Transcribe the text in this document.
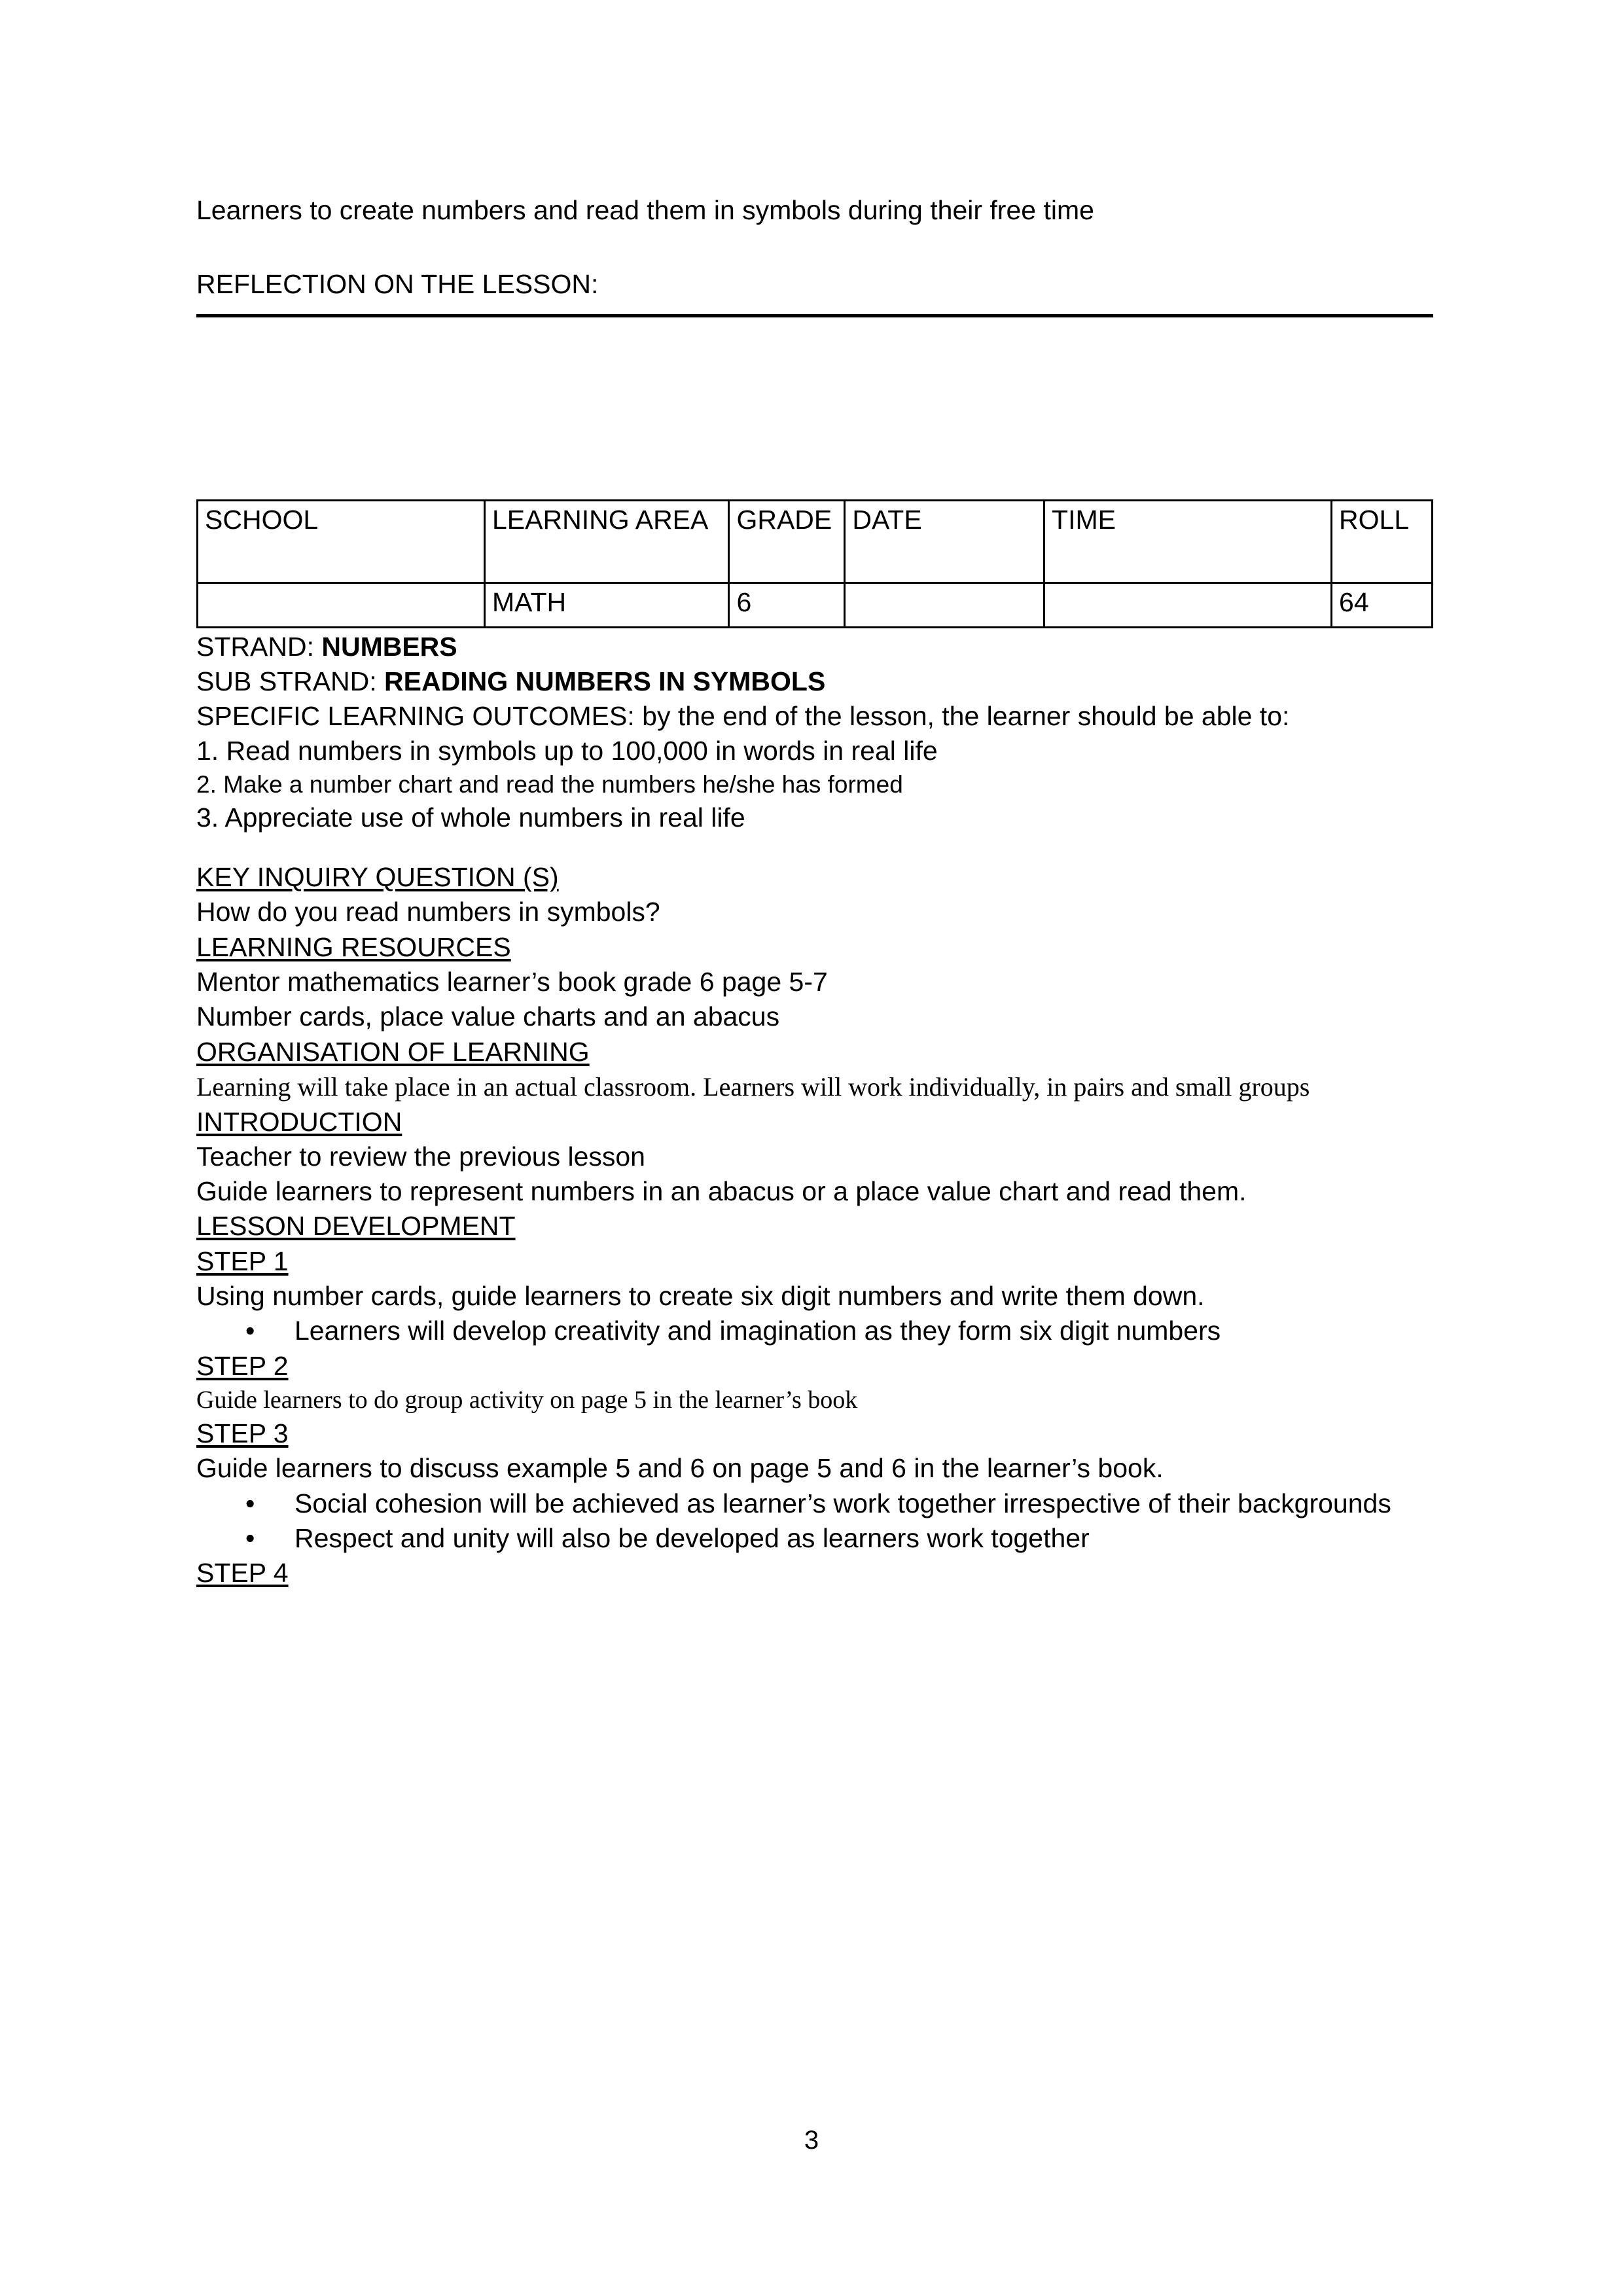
Learners to create numbers and read them in symbols during their free time

REFLECTION ON THE LESSON:

SCHOOL	LEARNING AREA	GRADE	DATE	TIME	ROLL
	MATH	6			64

STRAND: NUMBERS

SUB STRAND: READING NUMBERS IN SYMBOLS

SPECIFIC LEARNING OUTCOMES: by the end of the lesson, the learner should be able to:

1. Read numbers in symbols up to 100,000 in words in real life

2. Make a number chart and read the numbers he/she has formed

3. Appreciate use of whole numbers in real life

KEY INQUIRY QUESTION (S)

How do you read numbers in symbols?

LEARNING RESOURCES

Mentor mathematics learner’s book grade 6 page 5-7

Number cards, place value charts and an abacus

ORGANISATION OF LEARNING

Learning will take place in an actual classroom. Learners will work individually, in pairs and small groups

INTRODUCTION

Teacher to review the previous lesson

Guide learners to represent numbers in an abacus or a place value chart and read them.

LESSON DEVELOPMENT

STEP 1

Using number cards, guide learners to create six digit numbers and write them down.

• Learners will develop creativity and imagination as they form six digit numbers

STEP 2

Guide learners to do group activity on page 5 in the learner’s book

STEP 3

Guide learners to discuss example 5 and 6 on page 5 and 6 in the learner’s book.

• Social cohesion will be achieved as learner’s work together irrespective of their backgrounds
• Respect and unity will also be developed as learners work together

STEP 4

3
